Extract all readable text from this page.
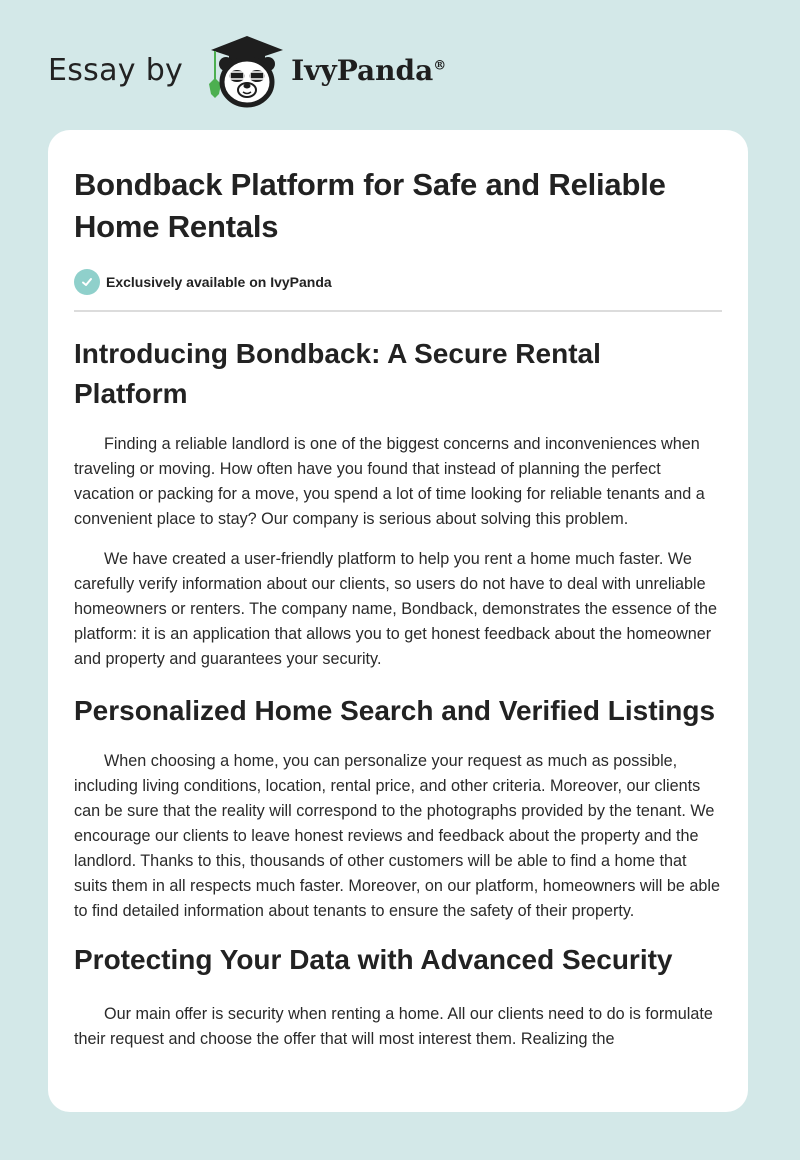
Essay by	IvyPanda®
Bondback Platform for Safe and Reliable Home Rentals
Exclusively available on IvyPanda
Introducing Bondback: A Secure Rental Platform

Finding a reliable landlord is one of the biggest concerns and inconveniences when traveling or moving. How often have you found that instead of planning the perfect vacation or packing for a move, you spend a lot of time looking for reliable tenants and a convenient place to stay? Our company is serious about solving this problem.

We have created a user-friendly platform to help you rent a home much faster. We carefully verify information about our clients, so users do not have to deal with unreliable homeowners or renters. The company name, Bondback, demonstrates the essence of the platform: it is an application that allows you to get honest feedback about the homeowner and property and guarantees your security.

Personalized Home Search and Verified Listings

When choosing a home, you can personalize your request as much as possible, including living conditions, location, rental price, and other criteria. Moreover, our clients can be sure that the reality will correspond to the photographs provided by the tenant. We encourage our clients to leave honest reviews and feedback about the property and the landlord. Thanks to this, thousands of other customers will be able to find a home that suits them in all respects much faster. Moreover, on our platform, homeowners will be able to find detailed information about tenants to ensure the safety of their property.

Protecting Your Data with Advanced Security

Our main offer is security when renting a home. All our clients need to do is formulate their request and choose the offer that will most interest them. Realizing the
